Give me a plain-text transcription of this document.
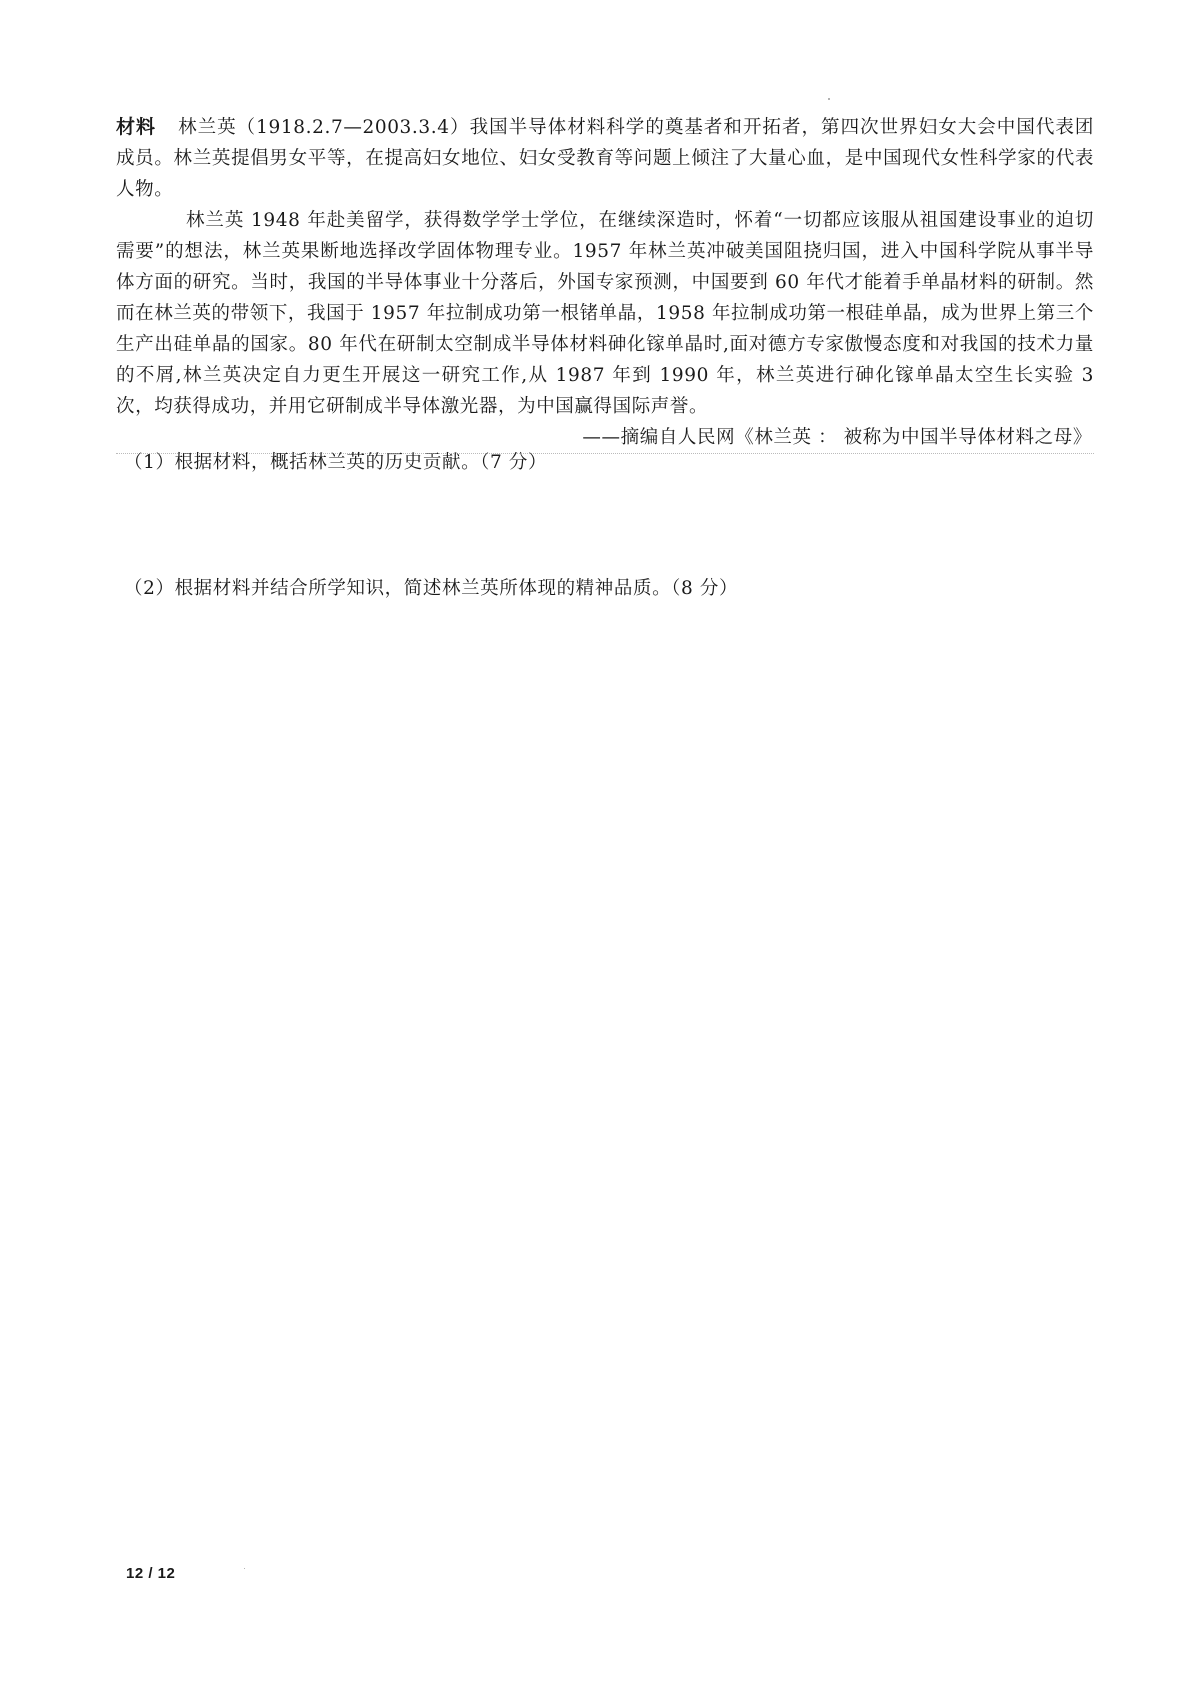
材料 林兰英（1918.2.7—2003.3.4）我国半导体材料科学的奠基者和开拓者，第四次世界妇女大会中国代表团成员。林兰英提倡男女平等，在提高妇女地位、妇女受教育等问题上倾注了大量心血，是中国现代女性科学家的代表人物。

林兰英 1948 年赴美留学，获得数学学士学位，在继续深造时，怀着“一切都应该服从祖国建设事业的迫切需要”的想法，林兰英果断地选择改学固体物理专业。1957 年林兰英冲破美国阻挠归国，进入中国科学院从事半导体方面的研究。当时，我国的半导体事业十分落后，外国专家预测，中国要到 60 年代才能着手单晶材料的研制。然而在林兰英的带领下，我国于 1957 年拉制成功第一根锗单晶，1958 年拉制成功第一根硅单晶，成为世界上第三个生产出硅单晶的国家。80 年代在研制太空制成半导体材料砷化镓单晶时,面对德方专家傲慢态度和对我国的技术力量的不屑,林兰英决定自力更生开展这一研究工作,从 1987 年到 1990 年，林兰英进行砷化镓单晶太空生长实验 3 次，均获得成功，并用它研制成半导体激光器，为中国赢得国际声誉。

——摘编自人民网《林兰英 ： 被称为中国半导体材料之母》

（1）根据材料，概括林兰英的历史贡献。（7 分）

（2）根据材料并结合所学知识，简述林兰英所体现的精神品质。（8 分）

12 / 12
